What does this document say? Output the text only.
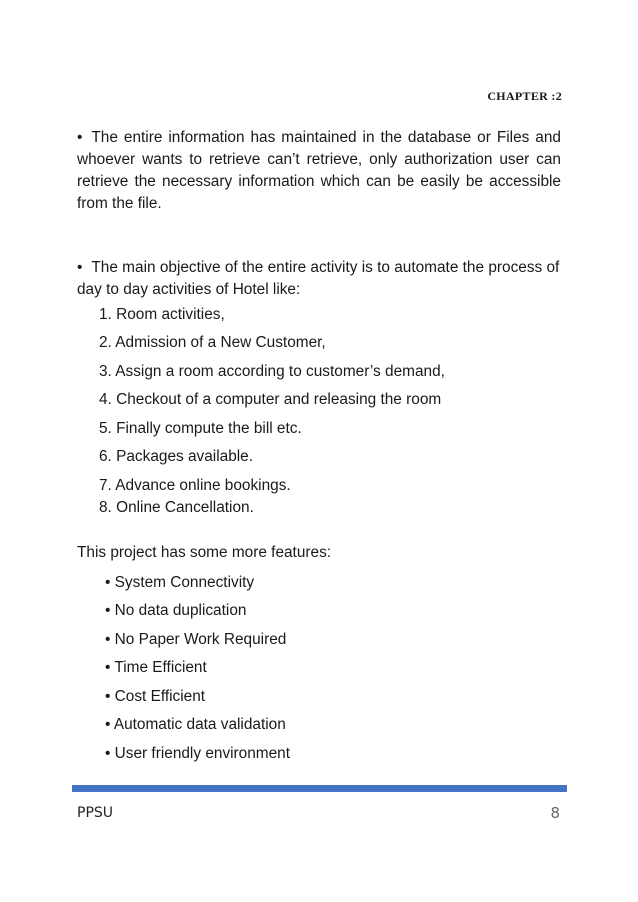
CHAPTER :2
• The entire information has maintained in the database or Files and whoever wants to retrieve can’t retrieve, only authorization user can retrieve the necessary information which can be easily be accessible from the file.
• The main objective of the entire activity is to automate the process of day to day activities of Hotel like:
1. Room activities,
2. Admission of a New Customer,
3. Assign a room according to customer’s demand,
4. Checkout of a computer and releasing the room
5. Finally compute the bill etc.
6. Packages available.
7. Advance online bookings.
8. Online Cancellation.
This project has some more features:
• System Connectivity
• No data duplication
• No Paper Work Required
• Time Efficient
• Cost Efficient
• Automatic data validation
• User friendly environment
PPSU	8
